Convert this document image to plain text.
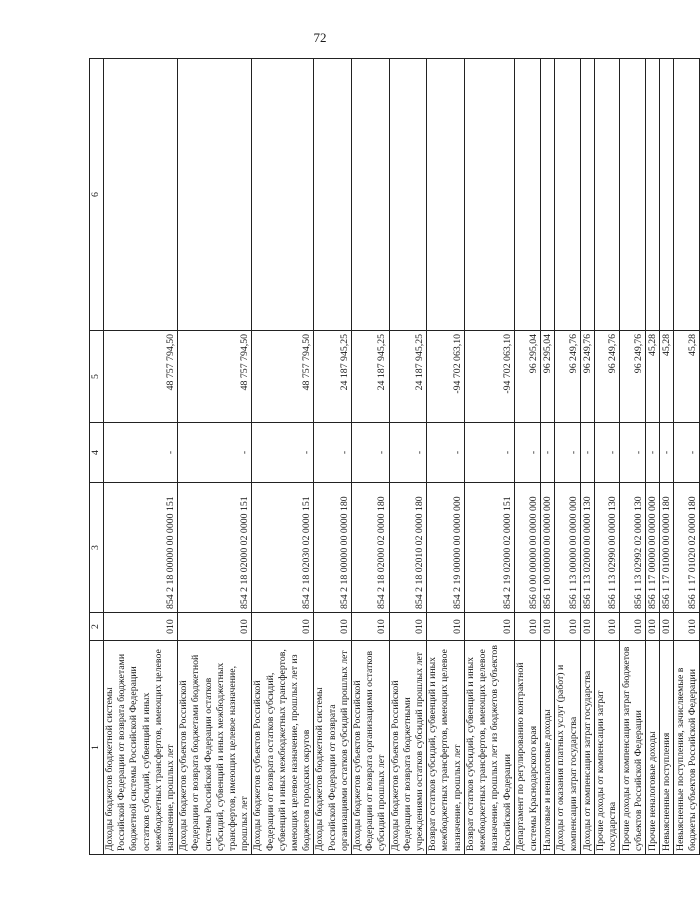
72
1	2	3	4	5	6
Доходы бюджетов бюджетной системы Российской Федерации от возврата бюджетами бюджетной системы Российской Федерации остатков субсидий, субвенций и иных межбюджетных трансфертов, имеющих целевое назначение, прошлых лет	010	854 2 18 00000 00 0000 151	-	48 757 794,50	
Доходы бюджетов субъектов Российской Федерации от возврата бюджетами бюджетной системы Российской Федерации остатков субсидий, субвенций и иных межбюджетных трансфертов, имеющих целевое назначение, прошлых лет	010	854 2 18 02000 02 0000 151	-	48 757 794,50	
Доходы бюджетов субъектов Российской Федерации от возврата остатков субсидий, субвенций и иных межбюджетных трансфертов, имеющих целевое назначение, прошлых лет из бюджетов городских округов	010	854 2 18 02030 02 0000 151	-	48 757 794,50	
Доходы бюджетов бюджетной системы Российской Федерации от возврата организациями остатков субсидий прошлых лет	010	854 2 18 00000 00 0000 180	-	24 187 945,25	
Доходы бюджетов субъектов Российской Федерации от возврата организациями остатков субсидий прошлых лет	010	854 2 18 02000 02 0000 180	-	24 187 945,25	
Доходы бюджетов субъектов Российской Федерации от возврата бюджетными учреждениями остатков субсидий прошлых лет	010	854 2 18 02010 02 0000 180	-	24 187 945,25	
Возврат остатков субсидий, субвенций и иных межбюджетных трансфертов, имеющих целевое назначение, прошлых лет	010	854 2 19 00000 00 0000 000	-	-94 702 063,10	
Возврат остатков субсидий, субвенций и иных межбюджетных трансфертов, имеющих целевое назначение, прошлых лет из бюджетов субъектов Российской Федерации	010	854 2 19 02000 02 0000 151	-	-94 702 063,10	
Департамент по регулированию контрактной системы Краснодарского края	010	856 0 00 00000 00 0000 000	-	96 295,04	
Налоговые и неналоговые доходы	010	856 1 00 00000 00 0000 000	-	96 295,04	
Доходы от оказания платных услуг (работ) и компенсации затрат государства	010	856 1 13 00000 00 0000 000	-	96 249,76	
Доходы от компенсации затрат государства	010	856 1 13 02000 00 0000 130	-	96 249,76	
Прочие доходы от компенсации затрат государства	010	856 1 13 02990 00 0000 130	-	96 249,76	
Прочие доходы от компенсации затрат бюджетов субъектов Российской Федерации	010	856 1 13 02992 02 0000 130	-	96 249,76	
Прочие неналоговые доходы	010	856 1 17 00000 00 0000 000	-	45,28	
Невыясненные поступления	010	856 1 17 01000 00 0000 180	-	45,28	
Невыясненные поступления, зачисляемые в бюджеты субъектов Российской Федерации	010	856 1 17 01020 02 0000 180	-	45,28	
